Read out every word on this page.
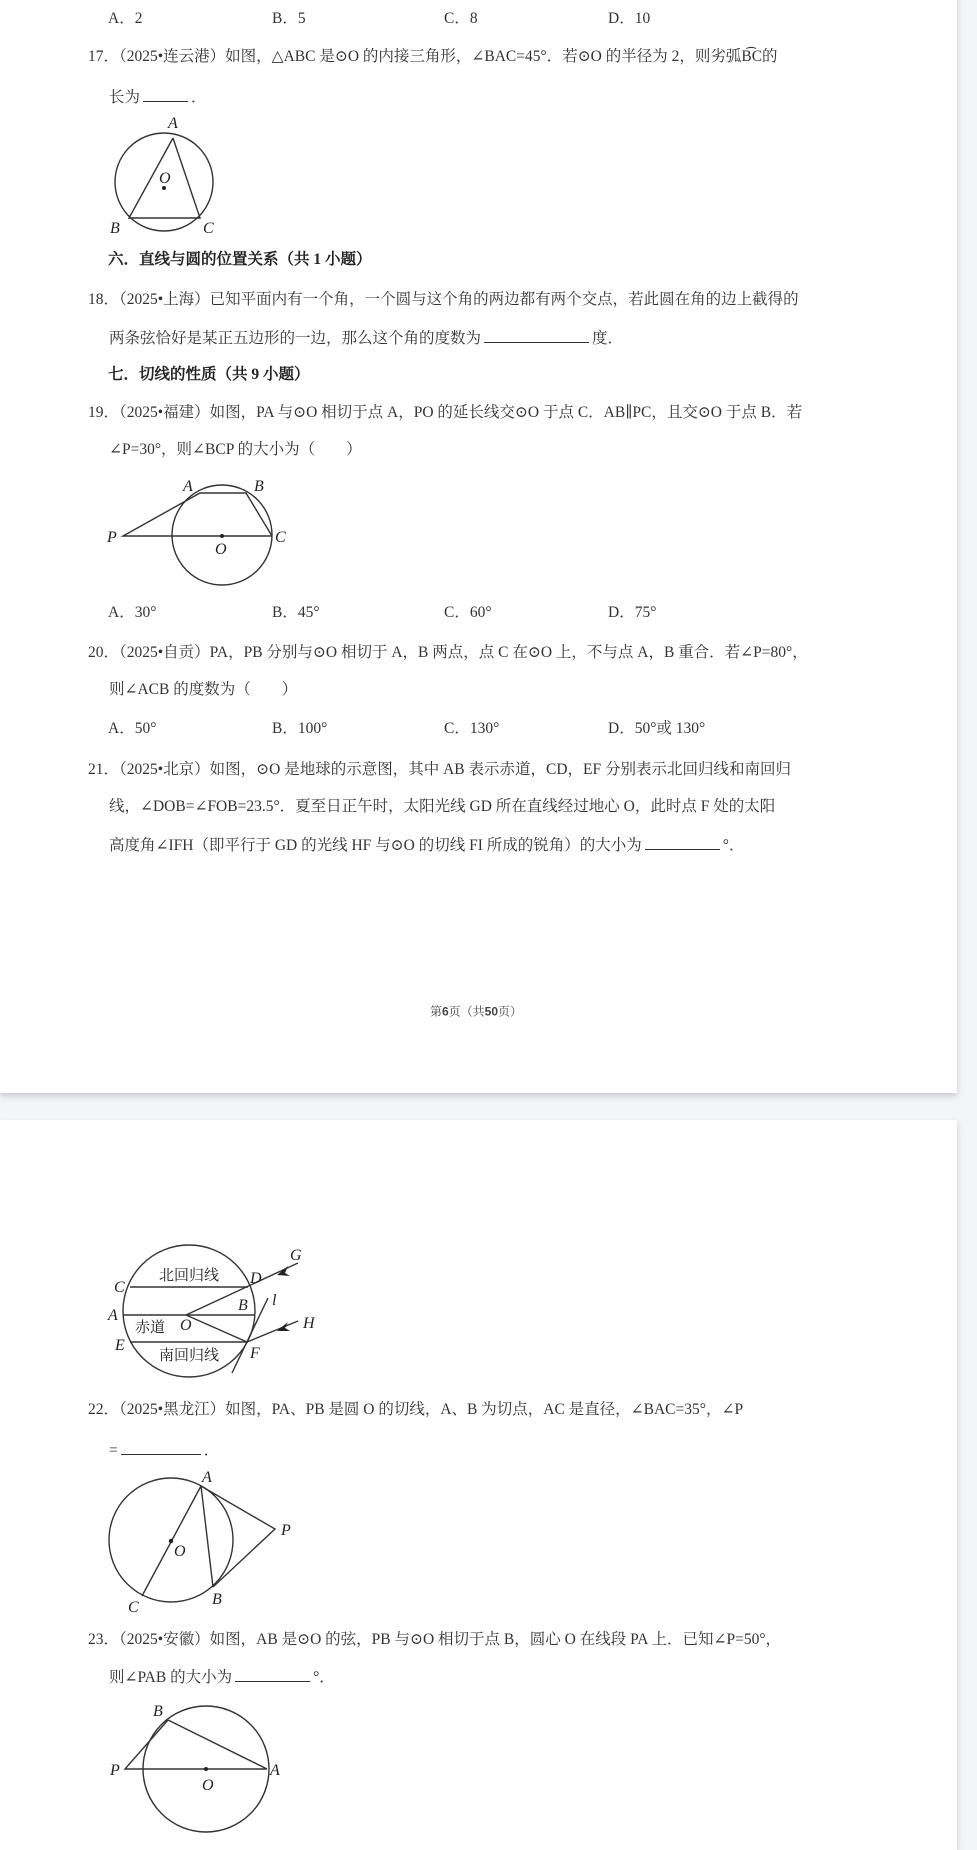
A．2	B．5	C．8	D．10
17．（2025•连云港）如图，△ABC 是⊙O 的内接三角形，∠BAC=45°．若⊙O 的半径为 2，则劣弧B͡C的
长为	．
A
O
B	C
六．直线与圆的位置关系（共 1 小题）
18．（2025•上海）已知平面内有一个角，一个圆与这个角的两边都有两个交点，若此圆在角的边上截得的
两条弦恰好是某正五边形的一边，那么这个角的度数为	度．
七．切线的性质（共 9 小题）
19．（2025•福建）如图，PA 与⊙O 相切于点 A，PO 的延长线交⊙O 于点 C．AB∥PC，且交⊙O 于点 B．若
∠P=30°，则∠BCP 的大小为（　　）
A	B
P	C
O
A．30°	B．45°	C．60°	D．75°
20．（2025•自贡）PA，PB 分别与⊙O 相切于 A，B 两点，点 C 在⊙O 上，不与点 A，B 重合．若∠P=80°，
则∠ACB 的度数为（　　）
A．50°	B．100°	C．130°	D．50°或 130°
21．（2025•北京）如图，⊙O 是地球的示意图，其中 AB 表示赤道，CD，EF 分别表示北回归线和南回归
线，∠DOB=∠FOB=23.5°．夏至日正午时，太阳光线 GD 所在直线经过地心 O，此时点 F 处的太阳
高度角∠IFH（即平行于 GD 的光线 HF 与⊙O 的切线 FI 所成的锐角）的大小为	°．
第6页（共50页）
北回归线
赤道
南回归线
C
A
E
D
B
O
F
G
l
H
22．（2025•黑龙江）如图，PA、PB 是圆 O 的切线，A、B 为切点，AC 是直径，∠BAC=35°，∠P
=	．
A
O
C	B
P
23．（2025•安徽）如图，AB 是⊙O 的弦，PB 与⊙O 相切于点 B，圆心 O 在线段 PA 上．已知∠P=50°，
则∠PAB 的大小为	°．
B
P	A
O
